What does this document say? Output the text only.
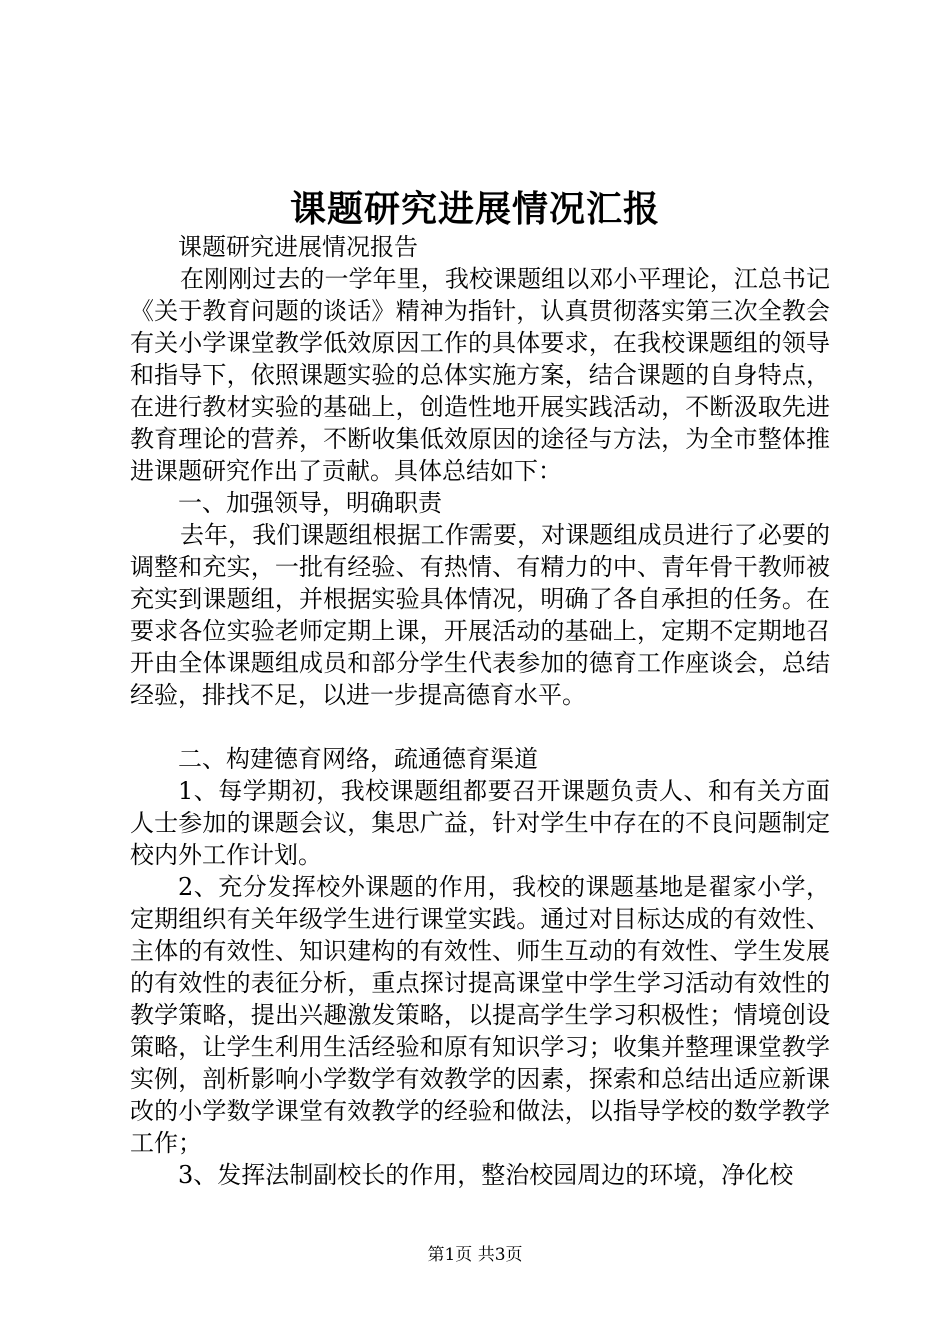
课题研究进展情况汇报

课题研究进展情况报告

在刚刚过去的一学年里，我校课题组以邓小平理论，江总书记《关于教育问题的谈话》精神为指针，认真贯彻落实第三次全教会有关小学课堂教学低效原因工作的具体要求，在我校课题组的领导和指导下，依照课题实验的总体实施方案，结合课题的自身特点，在进行教材实验的基础上，创造性地开展实践活动，不断汲取先进教育理论的营养，不断收集低效原因的途径与方法，为全市整体推进课题研究作出了贡献。具体总结如下：

一、加强领导，明确职责

去年，我们课题组根据工作需要，对课题组成员进行了必要的调整和充实，一批有经验、有热情、有精力的中、青年骨干教师被充实到课题组，并根据实验具体情况，明确了各自承担的任务。在要求各位实验老师定期上课，开展活动的基础上，定期不定期地召开由全体课题组成员和部分学生代表参加的德育工作座谈会，总结经验，排找不足，以进一步提高德育水平。

二、构建德育网络，疏通德育渠道

1、每学期初，我校课题组都要召开课题负责人、和有关方面人士参加的课题会议，集思广益，针对学生中存在的不良问题制定校内外工作计划。

2、充分发挥校外课题的作用，我校的课题基地是翟家小学，定期组织有关年级学生进行课堂实践。通过对目标达成的有效性、主体的有效性、知识建构的有效性、师生互动的有效性、学生发展的有效性的表征分析，重点探讨提高课堂中学生学习活动有效性的教学策略，提出兴趣激发策略，以提高学生学习积极性；情境创设策略，让学生利用生活经验和原有知识学习；收集并整理课堂教学实例，剖析影响小学数学有效教学的因素，探索和总结出适应新课改的小学数学课堂有效教学的经验和做法，以指导学校的数学教学工作；

3、发挥法制副校长的作用，整治校园周边的环境，净化校

第1页 共3页
